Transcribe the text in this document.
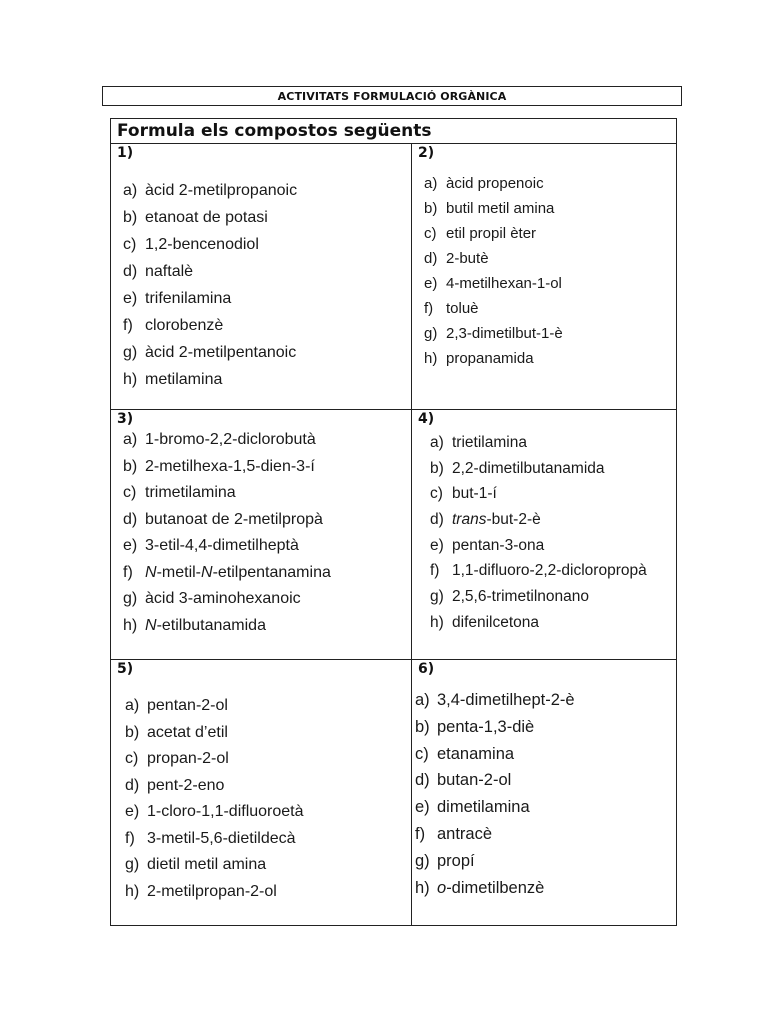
ACTIVITATS FORMULACIÓ ORGÀNICA
Formula els compostos següents
1)
a) àcid 2-metilpropanoic
b) etanoat de potasi
c) 1,2-bencenodiol
d) naftalè
e) trifenilamina
f) clorobenzè
g) àcid 2-metilpentanoic
h) metilamina
2)
a) àcid propenoic
b) butil metil amina
c) etil propil èter
d) 2-butè
e) 4-metilhexan-1-ol
f) toluè
g) 2,3-dimetilbut-1-è
h) propanamida
3)
a) 1-bromo-2,2-diclorobutà
b) 2-metilhexa-1,5-dien-3-í
c) trimetilamina
d) butanoat de 2-metilpropà
e) 3-etil-4,4-dimetilheptà
f) N-metil-N-etilpentanamina
g) àcid 3-aminohexanoic
h) N-etilbutanamida
4)
a) trietilamina
b) 2,2-dimetilbutanamida
c) but-1-í
d) trans-but-2-è
e) pentan-3-ona
f) 1,1-difluoro-2,2-dicloropropà
g) 2,5,6-trimetilnonano
h) difenilcetona
5)
a) pentan-2-ol
b) acetat d’etil
c) propan-2-ol
d) pent-2-eno
e) 1-cloro-1,1-difluoroetà
f) 3-metil-5,6-dietildecà
g) dietil metil amina
h) 2-metilpropan-2-ol
6)
a) 3,4-dimetilhept-2-è
b) penta-1,3-diè
c) etanamina
d) butan-2-ol
e) dimetilamina
f) antracè
g) propí
h) o-dimetilbenzè
